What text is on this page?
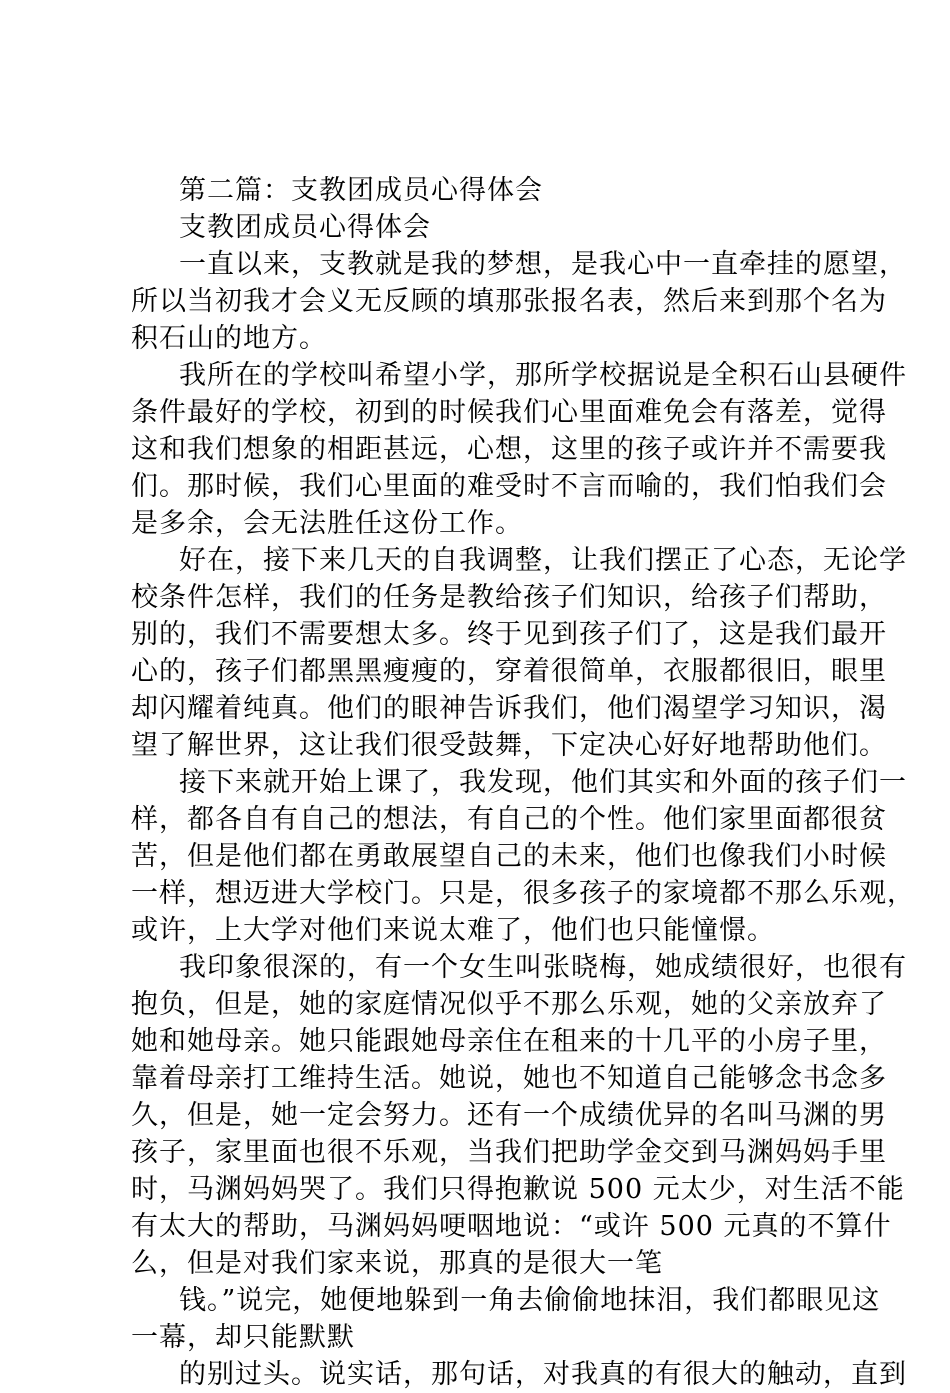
第二篇：支教团成员心得体会
支教团成员心得体会
一直以来，支教就是我的梦想，是我心中一直牵挂的愿望，
所以当初我才会义无反顾的填那张报名表，然后来到那个名为
积石山的地方。
我所在的学校叫希望小学，那所学校据说是全积石山县硬件
条件最好的学校，初到的时候我们心里面难免会有落差，觉得
这和我们想象的相距甚远，心想，这里的孩子或许并不需要我
们。那时候，我们心里面的难受时不言而喻的，我们怕我们会
是多余，会无法胜任这份工作。
好在，接下来几天的自我调整，让我们摆正了心态，无论学
校条件怎样，我们的任务是教给孩子们知识，给孩子们帮助，
别的，我们不需要想太多。终于见到孩子们了，这是我们最开
心的，孩子们都黑黑瘦瘦的，穿着很简单，衣服都很旧，眼里
却闪耀着纯真。他们的眼神告诉我们，他们渴望学习知识，渴
望了解世界，这让我们很受鼓舞，下定决心好好地帮助他们。
接下来就开始上课了，我发现，他们其实和外面的孩子们一
样，都各自有自己的想法，有自己的个性。他们家里面都很贫
苦，但是他们都在勇敢展望自己的未来，他们也像我们小时候
一样，想迈进大学校门。只是，很多孩子的家境都不那么乐观，
或许，上大学对他们来说太难了，他们也只能憧憬。
我印象很深的，有一个女生叫张晓梅，她成绩很好，也很有
抱负，但是，她的家庭情况似乎不那么乐观，她的父亲放弃了
她和她母亲。她只能跟她母亲住在租来的十几平的小房子里，
靠着母亲打工维持生活。她说，她也不知道自己能够念书念多
久，但是，她一定会努力。还有一个成绩优异的名叫马渊的男
孩子，家里面也很不乐观，当我们把助学金交到马渊妈妈手里
时，马渊妈妈哭了。我们只得抱歉说 500 元太少，对生活不能
有太大的帮助，马渊妈妈哽咽地说：“或许 500 元真的不算什
么，但是对我们家来说，那真的是很大一笔
钱。”说完，她便地躲到一角去偷偷地抹泪，我们都眼见这
一幕，却只能默默
的别过头。说实话，那句话，对我真的有很大的触动，直到
